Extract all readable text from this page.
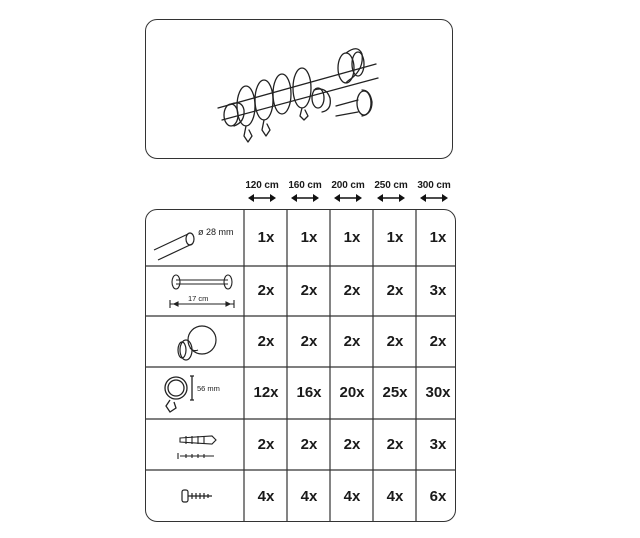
120 cm 160 cm 200 cm 250 cm 300 cm
ø 28 mm
17 cm
56 mm
1x	1x	1x	1x	1x
2x	2x	2x	2x	3x
2x	2x	2x	2x	2x
12x	16x	20x	25x	30x
2x	2x	2x	2x	3x
4x	4x	4x	4x	6x
